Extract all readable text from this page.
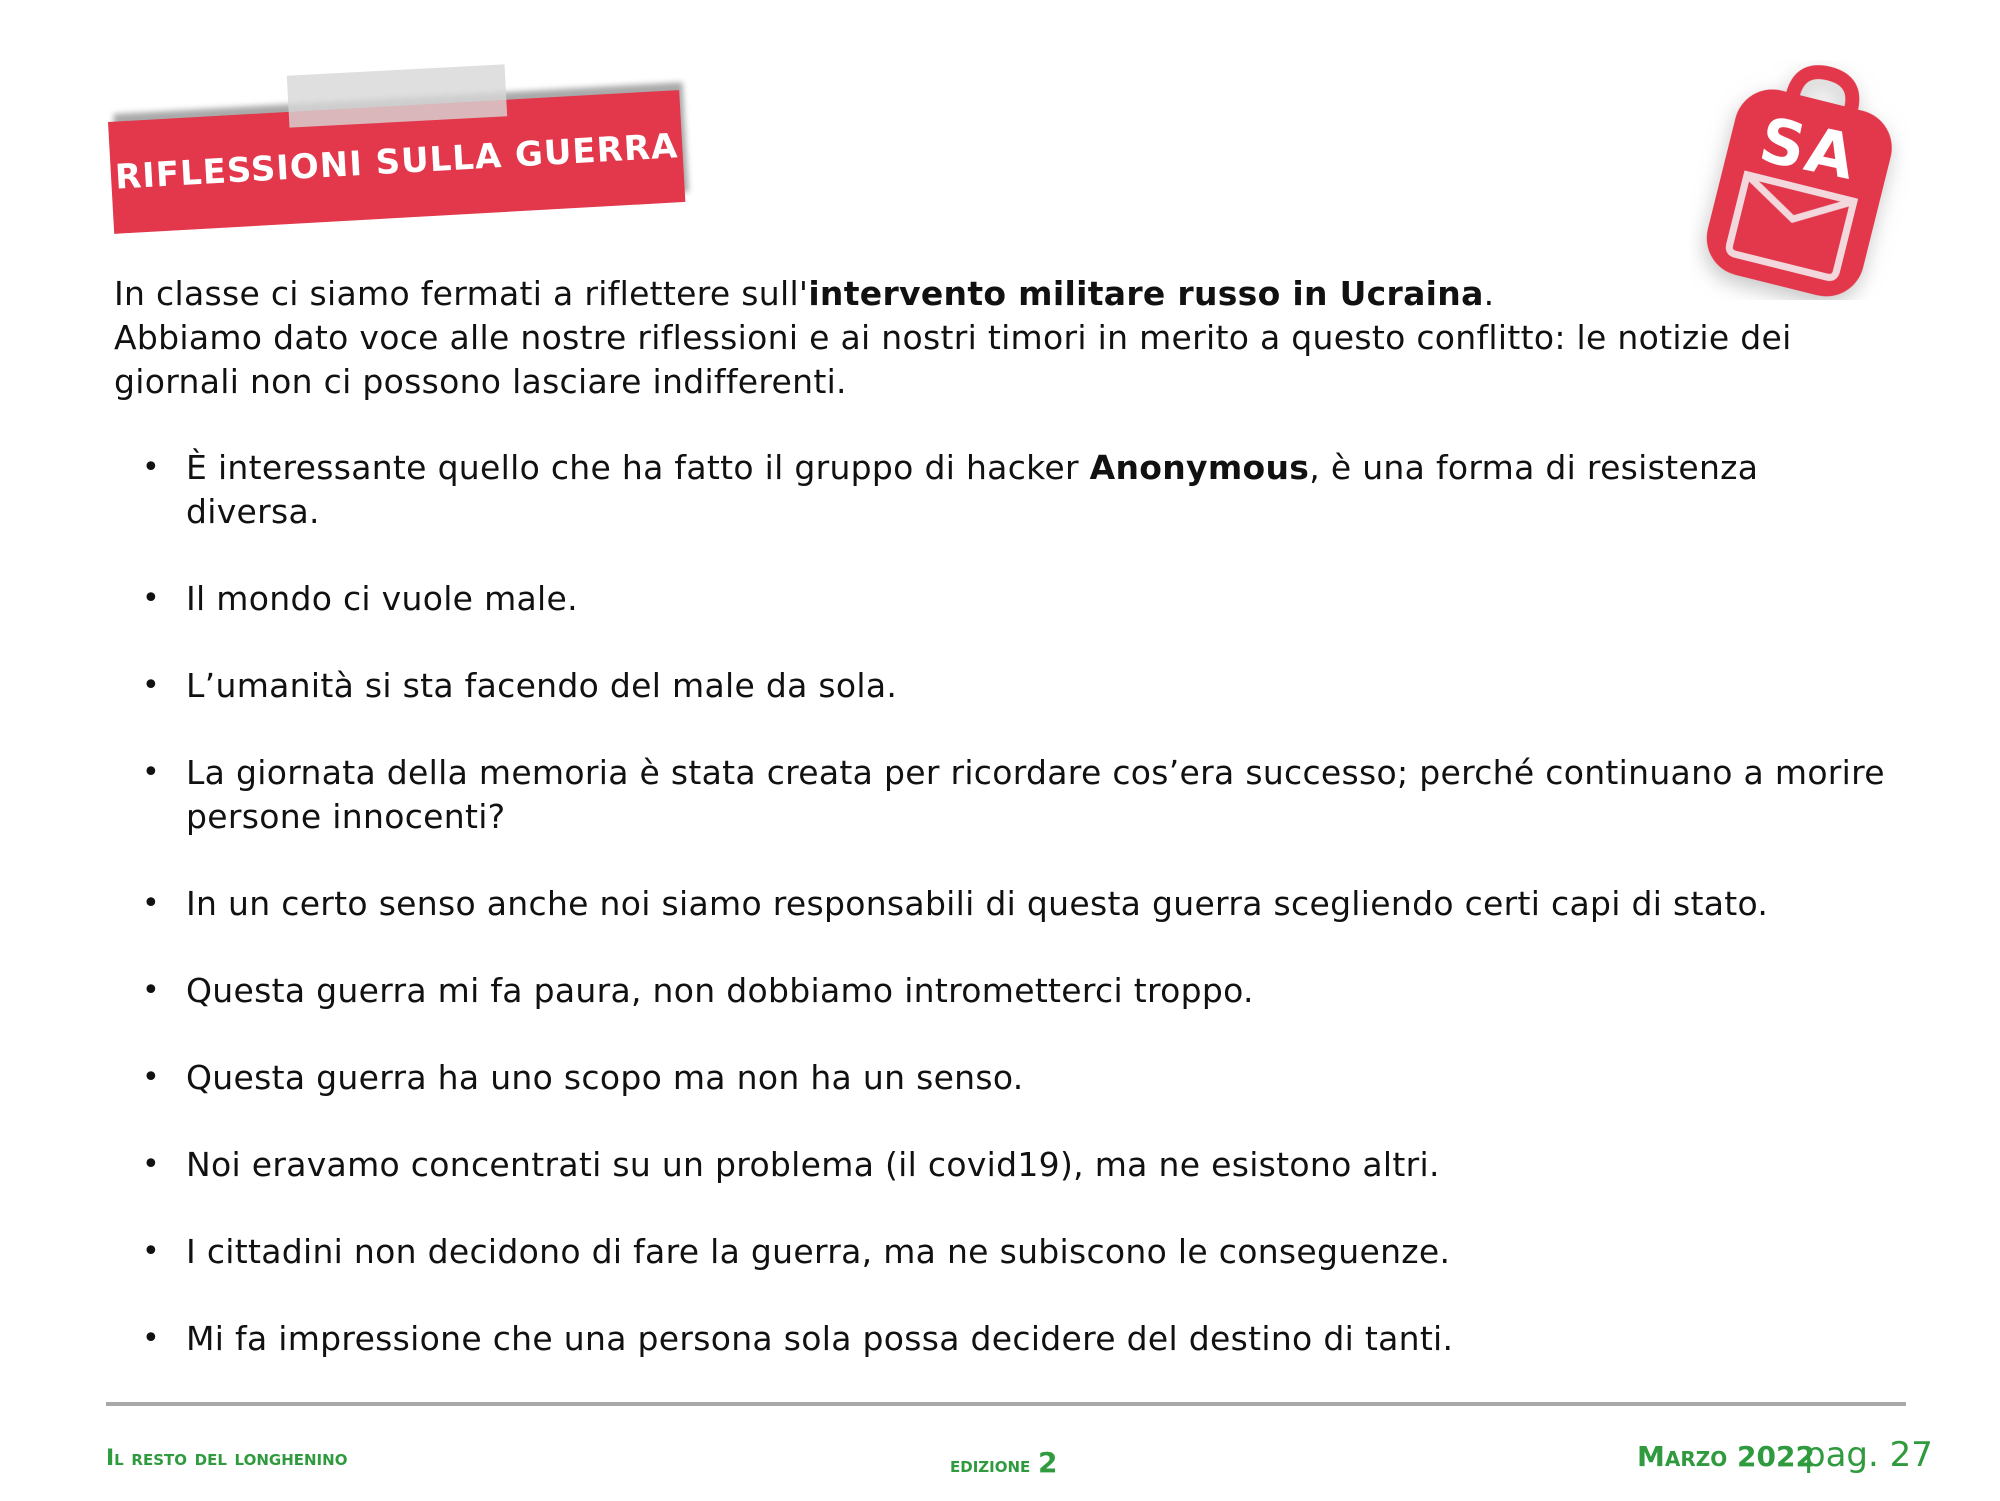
RIFLESSIONI SULLA GUERRA	SA
In classe ci siamo fermati a riflettere sull'intervento militare russo in Ucraina.
Abbiamo dato voce alle nostre riflessioni e ai nostri timori in merito a questo conflitto: le notizie dei giornali non ci possono lasciare indifferenti.
• È interessante quello che ha fatto il gruppo di hacker Anonymous, è una forma di resistenza diversa.
• Il mondo ci vuole male.
• L’umanità si sta facendo del male da sola.
• La giornata della memoria è stata creata per ricordare cos’era successo; perché continuano a morire persone innocenti?
• In un certo senso anche noi siamo responsabili di questa guerra scegliendo certi capi di stato.
• Questa guerra mi fa paura, non dobbiamo intrometterci troppo.
• Questa guerra ha uno scopo ma non ha un senso.
• Noi eravamo concentrati su un problema (il covid19), ma ne esistono altri.
• I cittadini non decidono di fare la guerra, ma ne subiscono le conseguenze.
• Mi fa impressione che una persona sola possa decidere del destino di tanti.
Il resto del longhenino	edizione 2	Marzo 2022
pag. 27
